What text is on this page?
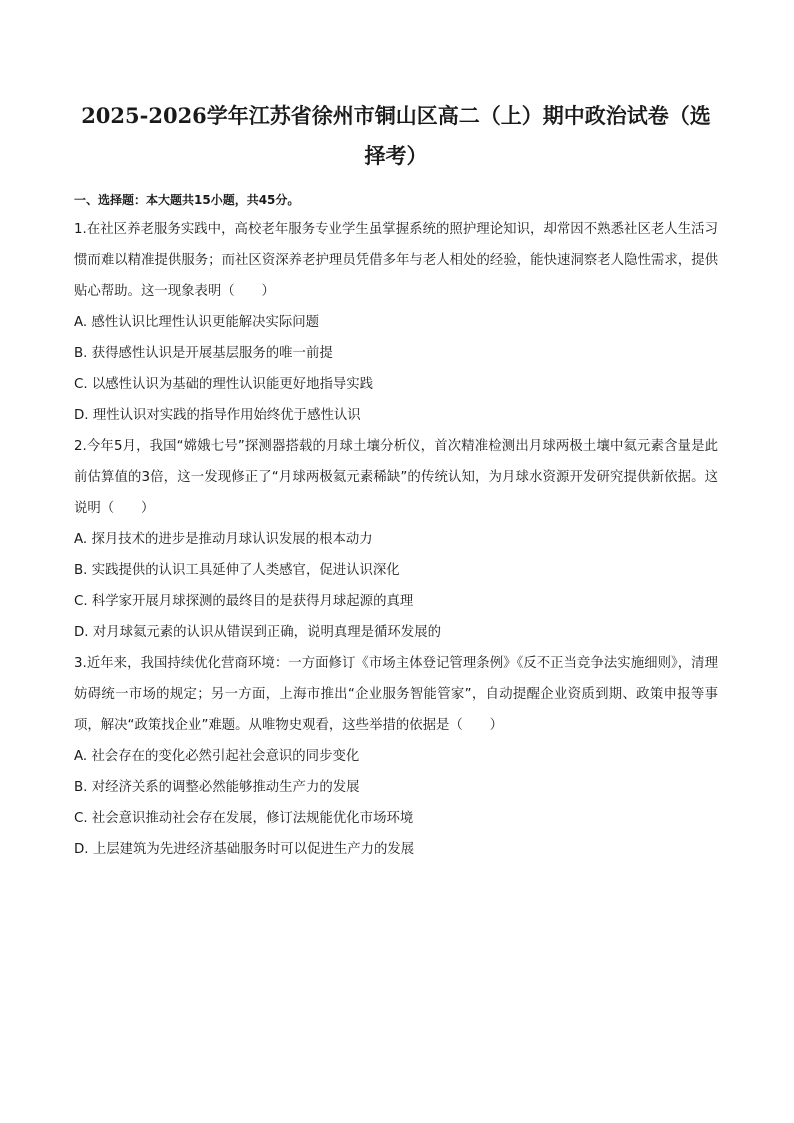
2025-2026学年江苏省徐州市铜山区高二（上）期中政治试卷（选择考）
一、选择题：本大题共15小题，共45分。

1.在社区养老服务实践中，高校老年服务专业学生虽掌握系统的照护理论知识，却常因不熟悉社区老人生活习惯而难以精准提供服务；而社区资深养老护理员凭借多年与老人相处的经验，能快速洞察老人隐性需求，提供贴心帮助。这一现象表明（　　）

A. 感性认识比理性认识更能解决实际问题

B. 获得感性认识是开展基层服务的唯一前提

C. 以感性认识为基础的理性认识能更好地指导实践

D. 理性认识对实践的指导作用始终优于感性认识

2.今年5月，我国“嫦娥七号”探测器搭载的月球土壤分析仪，首次精准检测出月球两极土壤中氦元素含量是此前估算值的3倍，这一发现修正了“月球两极氦元素稀缺”的传统认知，为月球水资源开发研究提供新依据。这说明（　　）

A. 探月技术的进步是推动月球认识发展的根本动力

B. 实践提供的认识工具延伸了人类感官，促进认识深化

C. 科学家开展月球探测的最终目的是获得月球起源的真理

D. 对月球氦元素的认识从错误到正确，说明真理是循环发展的

3.近年来，我国持续优化营商环境：一方面修订《市场主体登记管理条例》《反不正当竞争法实施细则》，清理妨碍统一市场的规定；另一方面，上海市推出“企业服务智能管家”，自动提醒企业资质到期、政策申报等事项，解决“政策找企业”难题。从唯物史观看，这些举措的依据是（　　）

A. 社会存在的变化必然引起社会意识的同步变化

B. 对经济关系的调整必然能够推动生产力的发展

C. 社会意识推动社会存在发展，修订法规能优化市场环境

D. 上层建筑为先进经济基础服务时可以促进生产力的发展
